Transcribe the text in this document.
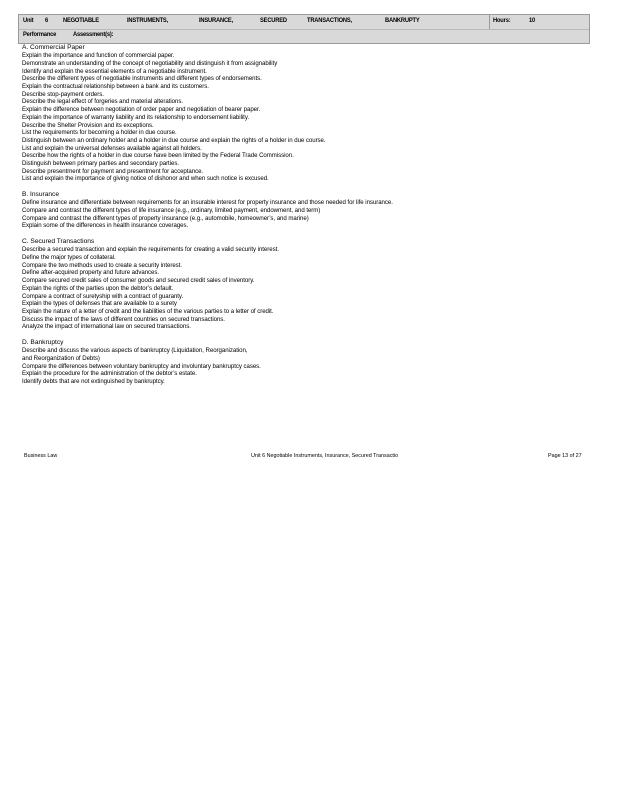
Unit 6 NEGOTIABLE	INSTRUMENTS,	INSURANCE,	SECURED	TRANSACTIONS,	BANKRUPTY	Hours:	10
Performance	Assessment(s):
A. Commercial Paper
Explain the importance and function of commercial paper.
Demonstrate an understanding of the concept of negotiability and distinguish it from assignability
Identify and explain the essential elements of a negotiable instrument.
Describe the different types of negotiable instruments and different types of endorsements.
Explain the contractual relationship between a bank and its customers.
Describe stop-payment orders.
Describe the legal effect of forgeries and material alterations.
Explain the difference between negotiation of order paper and negotiation of bearer paper.
Explain the importance of warranty liability and its relationship to endorsement liability.
Describe the Shelter Provision and its exceptions.
List the requirements for becoming a holder in due course.
Distinguish between an ordinary holder and a holder in due course and explain the rights of a holder in due course.
List and explain the universal defenses available against all holders.
Describe how the rights of a holder in due course have been limited by the Federal Trade Commission.
Distinguish between primary parties and secondary parties.
Describe presentment for payment and presentment for acceptance.
List and explain the importance of giving notice of dishonor and when such notice is excused.
B. Insurance
Define insurance and differentiate between requirements for an insurable interest for property insurance and those needed for life insurance.
Compare and contrast the different types of life insurance (e.g., ordinary, limited payment, endowment, and term)
Compare and contrast the different types of property insurance (e.g., automobile, homeowner’s, and marine)
Explain some of the differences in health insurance coverages.
C. Secured Transactions
Describe a secured transaction and explain the requirements for creating a valid security interest.
Define the major types of collateral.
Compare the two methods used to create a security interest.
Define after-acquired property and future advances.
Compare secured credit sales of consumer goods and secured credit sales of inventory.
Explain the rights of the parties upon the debtor’s default.
Compare a contract of suretyship with a contract of guaranty.
Explain the types of defenses that are available to a surety
Explain the nature of a letter of credit and the liabilities of the various parties to a letter of credit.
Discuss the impact of the laws of different countries on secured transactions.
Analyze the impact of international law on secured transactions.
D. Bankruptcy
Describe and discuss the various aspects of bankruptcy (Liquidation, Reorganization,
and Reorganization of Debts)
Compare the differences between voluntary bankruptcy and involuntary bankruptcy cases.
Explain the procedure for the administration of the debtor’s estate.
Identify debts that are not extinguished by bankruptcy.
Business Law	Unit 6 Negotiable Instruments, Insurance, Secured Transactio	Page 13 of 27
